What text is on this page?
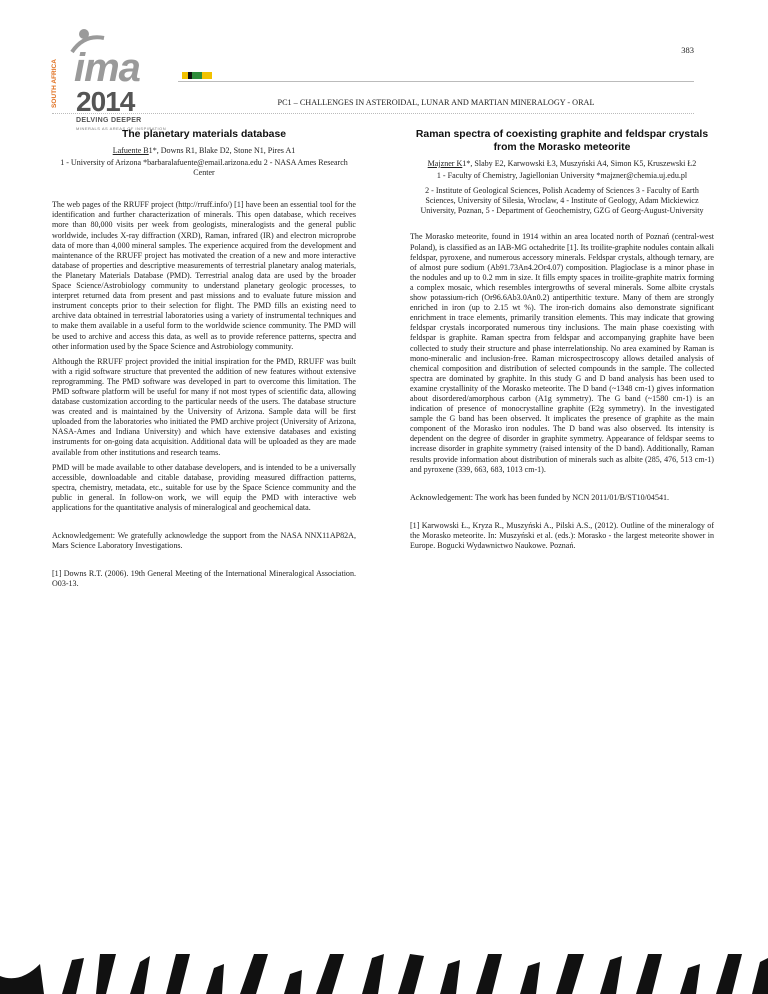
383
SOUTH AFRICA ima
2014
DELVING DEEPER
MINERALS AS AREAS OF INSPIRATION
PC1 – CHALLENGES IN ASTEROIDAL, LUNAR AND MARTIAN MINERALOGY - ORAL
The planetary materials database

Lafuente B1*, Downs R1, Blake D2, Stone N1, Pires A1

1 - University of Arizona *barbaralafuente@email.arizona.edu 2 - NASA Ames Research Center

The web pages of the RRUFF project (http://rruff.info/) [1] have been an essential tool for the identification and further characterization of minerals. This open database, which receives more than 80,000 visits per week from geologists, mineralogists and the general public worldwide, includes X-ray diffraction (XRD), Raman, infrared (IR) and electron microprobe data of more than 4,000 mineral samples. The experience acquired from the development and maintenance of the RRUFF project has motivated the creation of a new and more interactive database of properties and descriptive measurements of terrestrial planetary analog materials, the Planetary Materials Database (PMD). Terrestrial analog data are used by the broader Space Science/Astrobiology community to understand planetary geologic processes, to interpret returned data from present and past missions and to evaluate future mission and instrument concepts prior to their selection for flight. The PMD fills an existing need to archive data obtained in terrestrial laboratories using a variety of instrumental techniques and to make them available in a useful form to the worldwide science community. The PMD will be used to archive and access this data, as well as to provide reference patterns, spectra and other information used by the Space Science and Astrobiology community.

Although the RRUFF project provided the initial inspiration for the PMD, RRUFF was built with a rigid software structure that prevented the addition of new features without extensive reprogramming. The PMD software was developed in part to overcome this limitation. The PMD software platform will be useful for many if not most types of scientific data, allowing database customization according to the particular needs of the users. The database structure was created and is maintained by the University of Arizona. Sample data will be first uploaded from the laboratories who initiated the PMD archive project (University of Arizona, NASA-Ames and Indiana University) and which have extensive databases and existing instruments for on-going data acquisition. Additional data will be uploaded as they are made available from other institutions and research teams.

PMD will be made available to other database developers, and is intended to be a universally accessible, downloadable and citable database, providing measured diffraction patterns, spectra, chemistry, metadata, etc., suitable for use by the Space Science community and the public in general. In follow-on work, we will equip the PMD with interactive web applications for the quantitative analysis of mineralogical and geochemical data.

Acknowledgement: We gratefully acknowledge the support from the NASA NNX11AP82A, Mars Science Laboratory Investigations.

[1] Downs R.T. (2006). 19th General Meeting of the International Mineralogical Association. O03-13.

Raman spectra of coexisting graphite and feldspar crystals from the Morasko meteorite

Majzner K1*, Slaby E2, Karwowski Ł3, Muszyński A4, Simon K5, Kruszewski Ł2

1 - Faculty of Chemistry, Jagiellonian University *majzner@chemia.uj.edu.pl

2 - Institute of Geological Sciences, Polish Academy of Sciences 3 - Faculty of Earth Sciences, University of Silesia, Wroclaw, 4 - Institute of Geology, Adam Mickiewicz University, Poznan, 5 - Department of Geochemistry, GZG of Georg-August-University

The Morasko meteorite, found in 1914 within an area located north of Poznań (central-west Poland), is classified as an IAB-MG octahedrite [1]. Its troilite-graphite nodules contain alkali feldspar, pyroxene, and numerous accessory minerals. Feldspar crystals, although ternary, are of almost pure sodium (Ab91.73An4.2Or4.07) composition. Plagioclase is a minor phase in the nodules and up to 0.2 mm in size. It fills empty spaces in troilite-graphite matrix forming a complex mosaic, which resembles intergrowths of several minerals. Some albite crystals show potassium-rich (Or96.6Ab3.0An0.2) antiperthitic texture. Many of them are strongly enriched in iron (up to 2.15 wt %). The iron-rich domains also demonstrate significant enrichment in trace elements, primarily transition elements. This may indicate that growing feldspar crystals incorporated numerous tiny inclusions. The main phase coexisting with feldspar is graphite. Raman spectra from feldspar and accompanying graphite have been collected to study their structure and phase interrelationship. No area examined by Raman is mono-mineralic and inclusion-free. Raman microspectroscopy allows detailed analysis of chemical composition and distribution of selected compounds in the sample. The collected spectra are dominated by graphite. In this study G and D band analysis has been used to examine crystallinity of the Morasko meteorite. The D band (~1348 cm-1) gives information about disordered/amorphous carbon (A1g symmetry). The G band (~1580 cm-1) is an indication of presence of monocrystalline graphite (E2g symmetry). In the investigated sample the G band has been observed. It implicates the presence of graphite as the main component of the Morasko iron nodules. The D band was also observed. Its intensity is dependent on the degree of disorder in graphite symmetry. Appearance of feldspar seems to increase disorder in graphite symmetry (raised intensity of the D band). Additionally, Raman results provide information about distribution of minerals such as albite (285, 476, 513 cm-1) and pyroxene (339, 663, 683, 1013 cm-1).

Acknowledgement: The work has been funded by NCN 2011/01/B/ST10/04541.

[1] Karwowski Ł., Kryza R., Muszyński A., Pilski A.S., (2012). Outline of the mineralogy of the Morasko meteorite. In: Muszyński et al. (eds.): Morasko - the largest meteorite shower in Europe. Bogucki Wydawnictwo Naukowe. Poznań.
